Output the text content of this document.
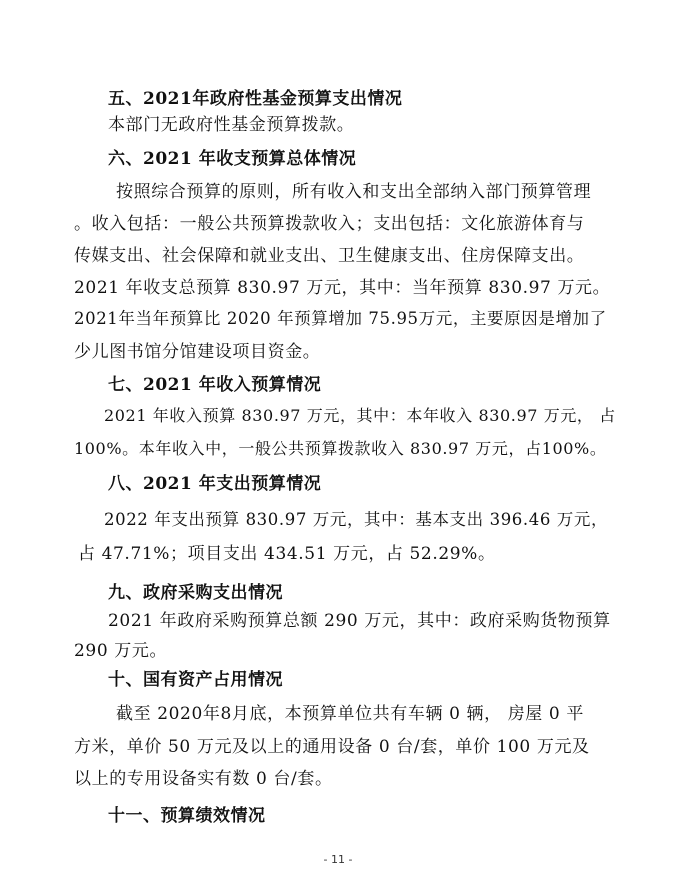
五、2021年政府性基金预算支出情况
本部门无政府性基金预算拨款。
六、2021 年收支预算总体情况
按照综合预算的原则，所有收入和支出全部纳入部门预算管理
。收入包括：一般公共预算拨款收入；支出包括：文化旅游体育与
传媒支出、社会保障和就业支出、卫生健康支出、住房保障支出。
2021 年收支总预算 830.97 万元，其中：当年预算 830.97 万元。
2021年当年预算比 2020 年预算增加 75.95万元，主要原因是增加了
少儿图书馆分馆建设项目资金。
七、2021 年收入预算情况
2021 年收入预算 830.97 万元，其中：本年收入 830.97 万元， 占
100%。本年收入中，一般公共预算拨款收入 830.97 万元，占100%。
八、2021 年支出预算情况
2022 年支出预算 830.97 万元，其中：基本支出 396.46 万元，
占 47.71%；项目支出 434.51 万元，占 52.29%。
九、政府采购支出情况
2021 年政府采购预算总额 290 万元，其中：政府采购货物预算
290 万元。
十、国有资产占用情况
截至 2020年8月底，本预算单位共有车辆 0 辆， 房屋 0 平
方米，单价 50 万元及以上的通用设备 0 台/套，单价 100 万元及
以上的专用设备实有数 0 台/套。
十一、预算绩效情况
- 11 -
